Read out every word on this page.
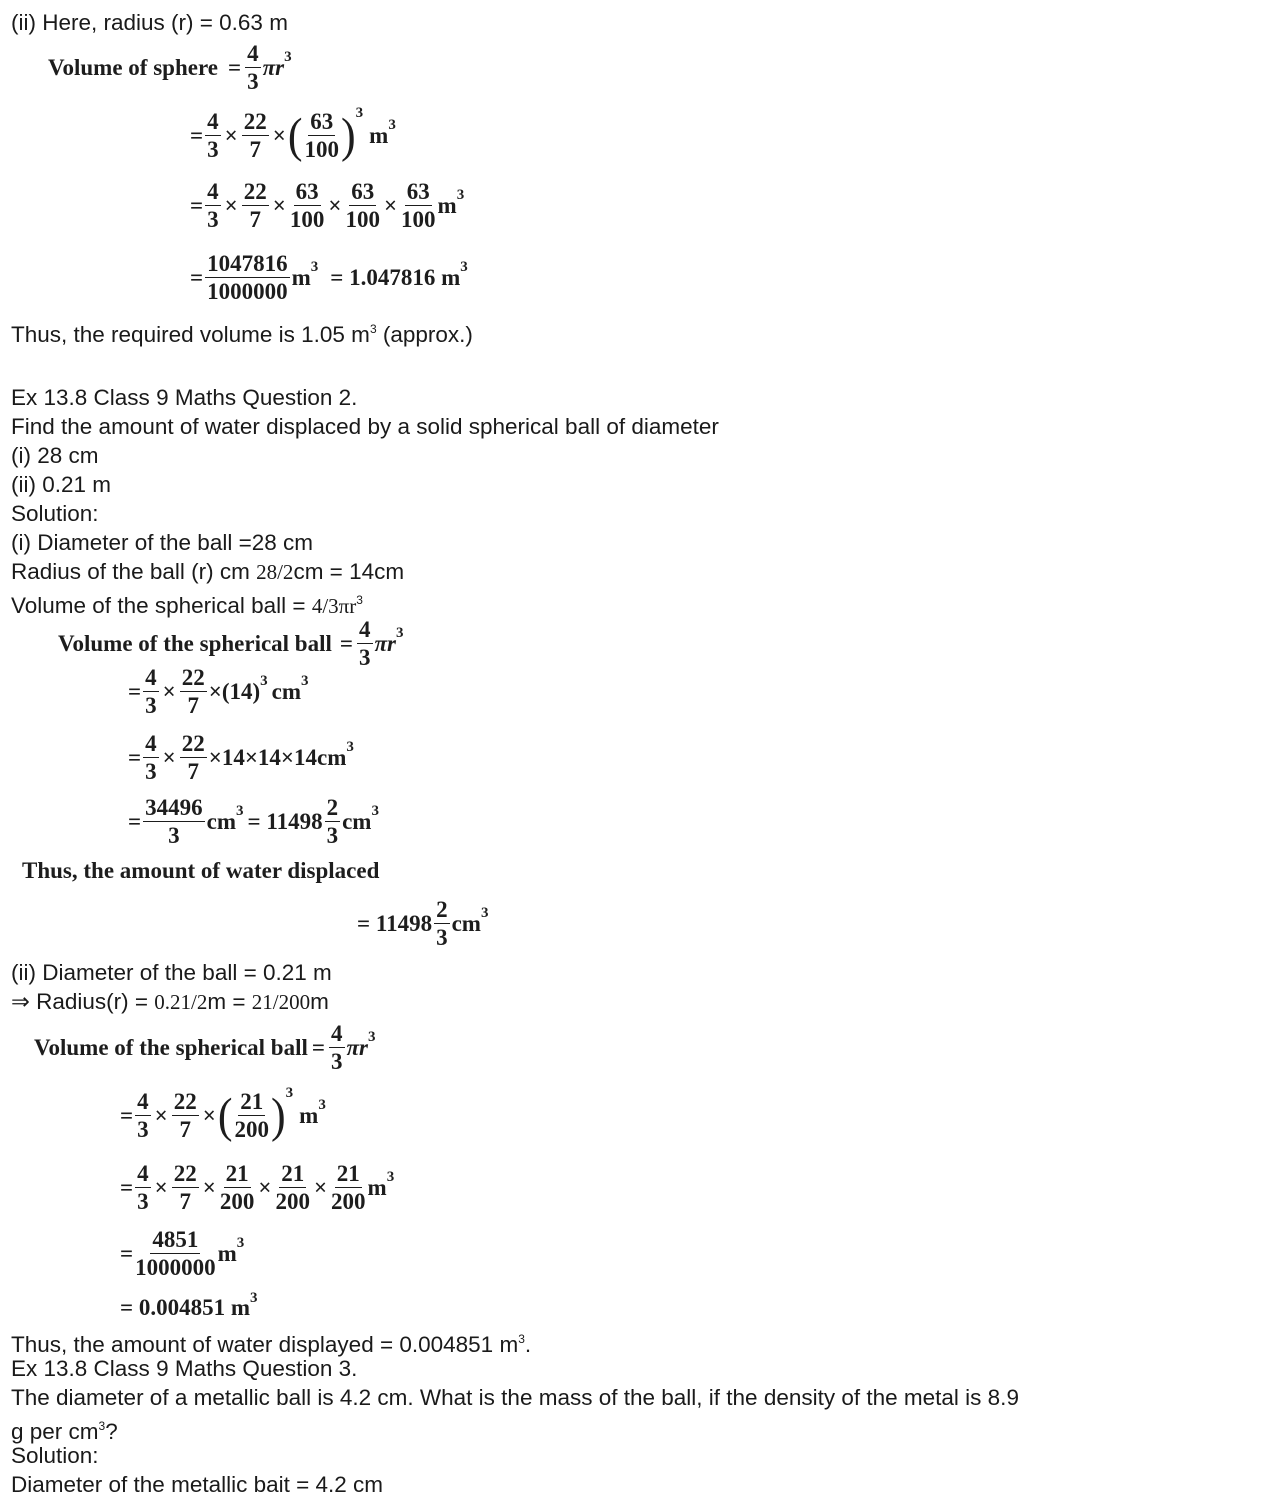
(ii) Here, radius (r) = 0.63 m
Volume of sphere = $\frac{4}{3}$ πr 3
= $\frac{4}{3} \times \frac{22}{7}$ × ( $\frac{63}{100}$ ) 3
m 3
= $\frac{4}{3} \times \frac{22}{7} \times \frac{63}{100} \times \frac{63}{100} \times \frac{63}{100}$ m 3
= $\frac{1047816}{1000000}$ m 3 = 1.047816 m 3
Thus, the required volume is 1.05 $m^3$ (approx.)
Ex 13.8 Class 9 Maths Question 2.
Find the amount of water displaced by a solid spherical ball of diameter
(i) 28 cm
(ii) 0.21 m
Solution:
(i) Diameter of the ball =28 cm
Radius of the ball (r) cm 28/2cm = 14cm
Volume of the spherical ball = $4/3\pi r^3$
Volume of the spherical ball = $\frac{4}{3}$ πr 3
= $\frac{4}{3} \times \frac{22}{7} \times(14)$ 3 cm 3
= $\frac{4}{3} \times \frac{22}{7} \times 14\times 14\times 14cm$ 3
= $\frac{34496}{3}$ cm $3 = 11498 \frac{2}{3}$ cm 3
Thus, the amount of water displaced
= $11498 \frac{2}{3}$ cm 3
(ii) Diameter of the ball = 0.21 m
⇒ Radius(r) = 0.21/2m = 21/200m
Volume of the spherical ball = $\frac{4}{3}$ πr 3
= $\frac{4}{3} \times \frac{22}{7}$ × ( $\frac{21}{200}$ ) 3
m 3
= $\frac{4}{3} \times \frac{22}{7} \times \frac{21}{200} \times \frac{21}{200} \times \frac{21}{200}$ m 3
= $\frac{4851}{1000000}$ m 3
= 0.004851 m 3
Thus, the amount of water displayed = 0.004851 $m^3$.
Ex 13.8 Class 9 Maths Question 3.
The diameter of a metallic ball is 4.2 cm. What is the mass of the ball, if the density of the metal is 8.9
g per $cm^3$?
Solution:
Diameter of the metallic bait = 4.2 cm
